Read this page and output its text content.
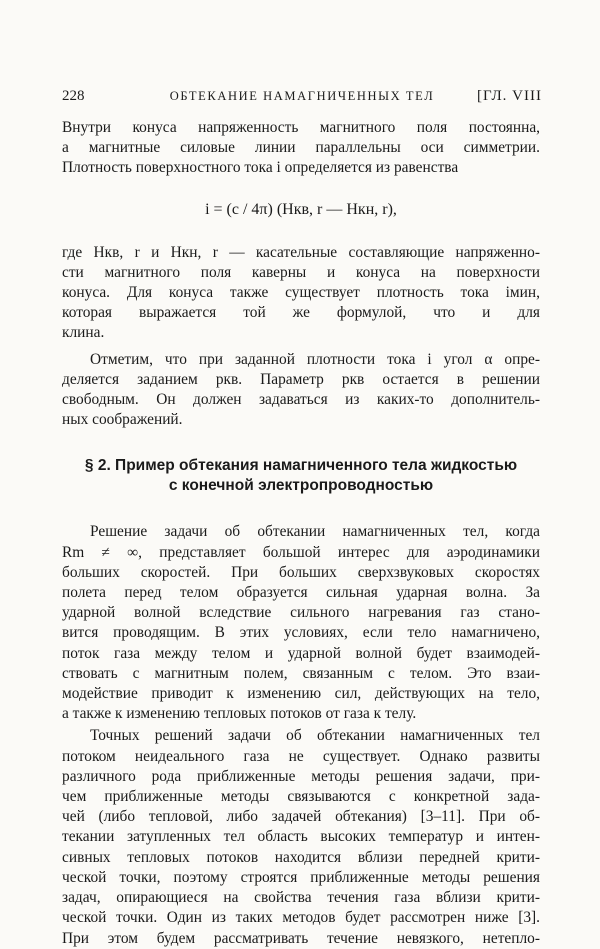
228	ОБТЕКАНИЕ НАМАГНИЧЕННЫХ ТЕЛ	[ГЛ. VIII
Внутри конуса напряженность магнитного поля постоянна,
а магнитные силовые линии параллельны оси симметрии.
Плотность поверхностного тока i определяется из равенства
i = (c / 4π) (Hкв, r — Hкн, r),
где Hкв, r и Hкн, r — касательные составляющие напряженно-
сти магнитного поля каверны и конуса на поверхности
конуса. Для конуса также существует плотность тока iмин,
которая выражается той же формулой, что и для
клина.
Отметим, что при заданной плотности тока i угол α опре-
деляется заданием pкв. Параметр pкв остается в решении
свободным. Он должен задаваться из каких-то дополнитель-
ных соображений.
§ 2. Пример обтекания намагниченного тела жидкостью
с конечной электропроводностью
Решение задачи об обтекании намагниченных тел, когда
Rm ≠ ∞, представляет большой интерес для аэродинамики
больших скоростей. При больших сверхзвуковых скоростях
полета перед телом образуется сильная ударная волна. За
ударной волной вследствие сильного нагревания газ стано-
вится проводящим. В этих условиях, если тело намагничено,
поток газа между телом и ударной волной будет взаимодей-
ствовать с магнитным полем, связанным с телом. Это взаи-
модействие приводит к изменению сил, действующих на тело,
а также к изменению тепловых потоков от газа к телу.
Точных решений задачи об обтекании намагниченных тел
потоком неидеального газа не существует. Однако развиты
различного рода приближенные методы решения задачи, при-
чем приближенные методы связываются с конкретной зада-
чей (либо тепловой, либо задачей обтекания) [3–11]. При об-
текании затупленных тел область высоких температур и интен-
сивных тепловых потоков находится вблизи передней крити-
ческой точки, поэтому строятся приближенные методы решения
задач, опирающиеся на свойства течения газа вблизи крити-
ческой точки. Один из таких методов будет рассмотрен ниже [3].
При этом будем рассматривать течение невязкого, нетепло-
